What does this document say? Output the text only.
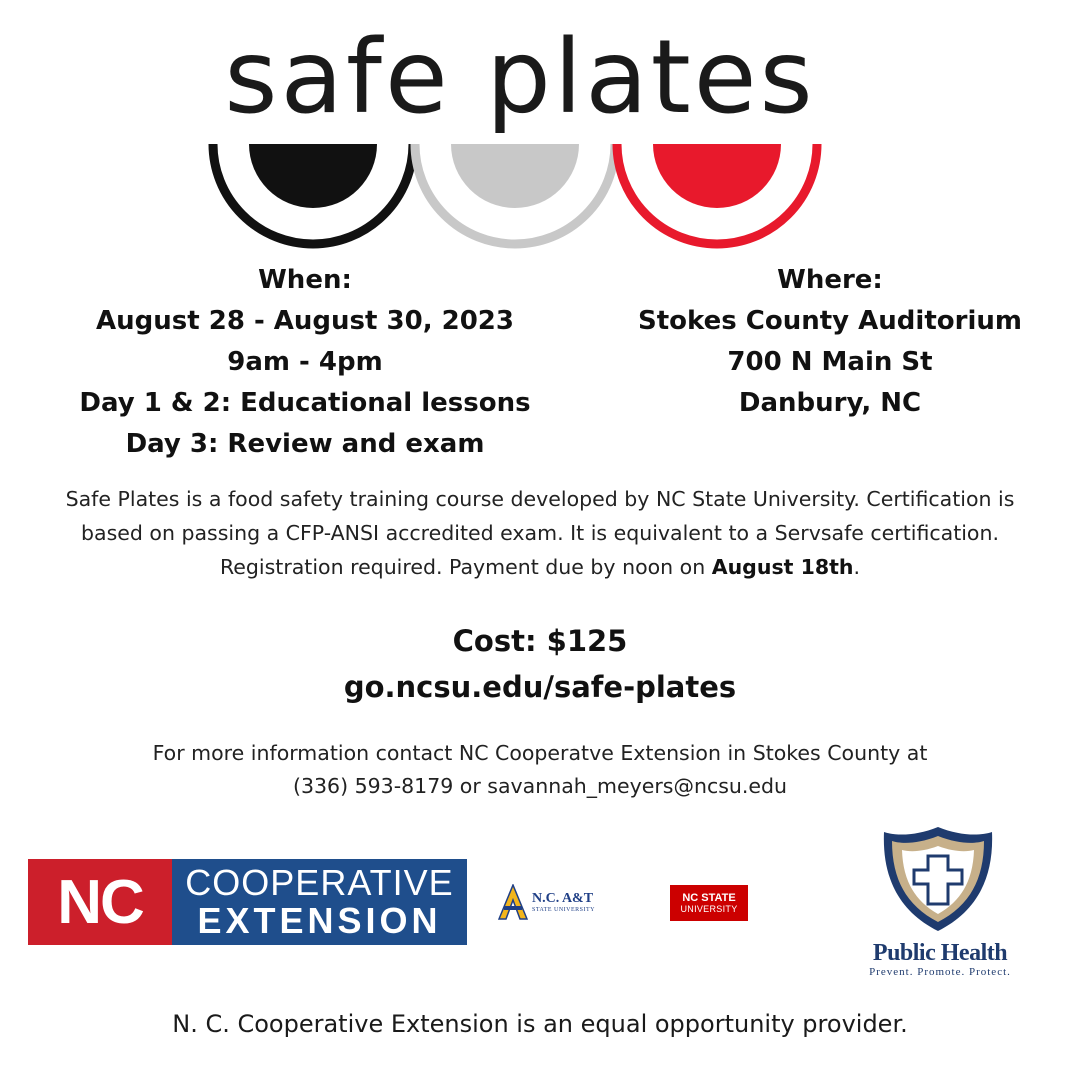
safe plates
When:
August 28 - August 30, 2023
9am - 4pm
Day 1 & 2: Educational lessons
Day 3: Review and exam
Where:
Stokes County Auditorium
700 N Main St
Danbury, NC
Safe Plates is a food safety training course developed by NC State University. Certification is based on passing a CFP-ANSI accredited exam. It is equivalent to a Servsafe certification. Registration required. Payment due by noon on August 18th.
Cost: $125
go.ncsu.edu/safe-plates
For more information contact NC Cooperatve Extension in Stokes County at
(336) 593-8179 or savannah_meyers@ncsu.edu
NC	COOPERATIVE
EXTENSION
N.C. A&T
STATE UNIVERSITY
NC STATE
UNIVERSITY
Public Health
Prevent. Promote. Protect.
N. C. Cooperative Extension is an equal opportunity provider.
